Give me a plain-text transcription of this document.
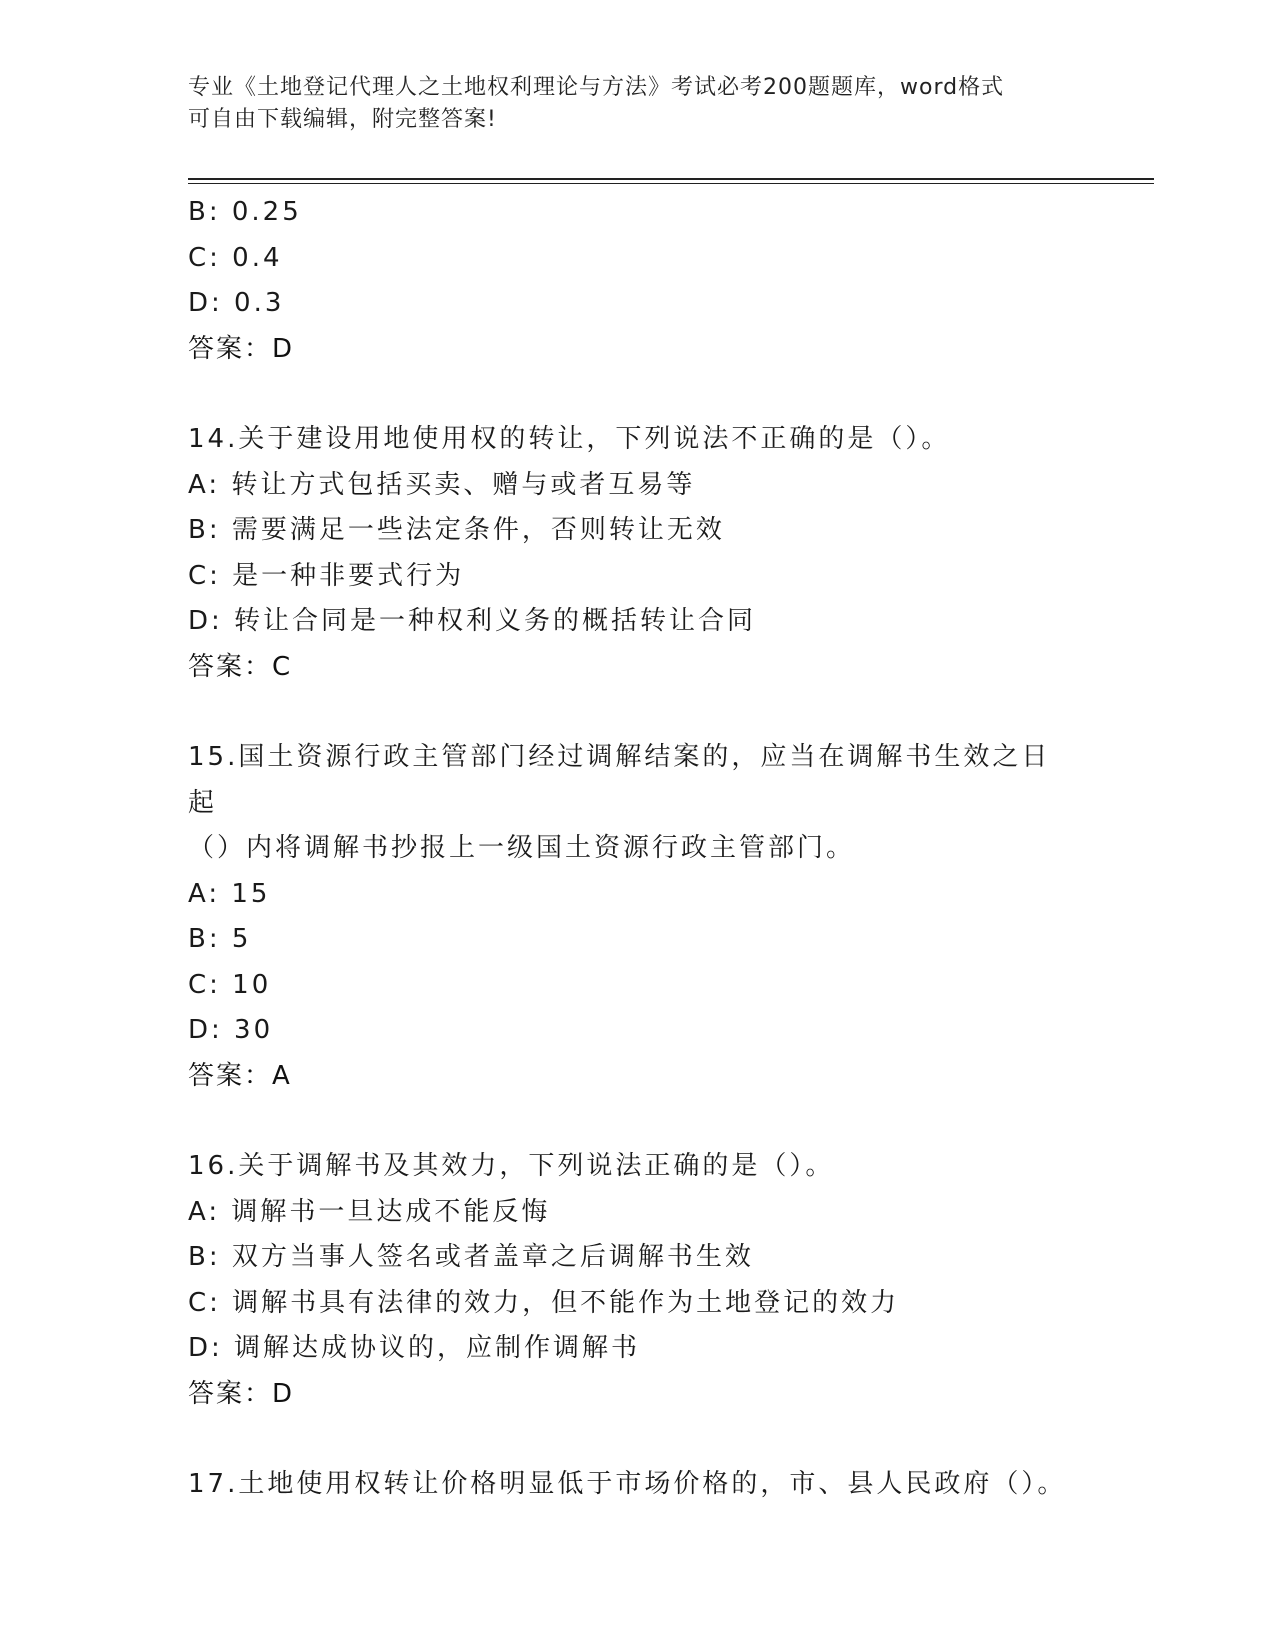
专业《土地登记代理人之土地权利理论与方法》考试必考200题题库，word格式
可自由下载编辑，附完整答案!
B: 0.25
C: 0.4
D: 0.3
答案：D
14.关于建设用地使用权的转让，下列说法不正确的是（）。
A: 转让方式包括买卖、赠与或者互易等
B: 需要满足一些法定条件，否则转让无效
C: 是一种非要式行为
D: 转让合同是一种权利义务的概括转让合同
答案：C
15.国土资源行政主管部门经过调解结案的，应当在调解书生效之日起
（）内将调解书抄报上一级国土资源行政主管部门。
A: 15
B: 5
C: 10
D: 30
答案：A
16.关于调解书及其效力，下列说法正确的是（）。
A: 调解书一旦达成不能反悔
B: 双方当事人签名或者盖章之后调解书生效
C: 调解书具有法律的效力，但不能作为土地登记的效力
D: 调解达成协议的，应制作调解书
答案：D
17.土地使用权转让价格明显低于市场价格的，市、县人民政府（）。
